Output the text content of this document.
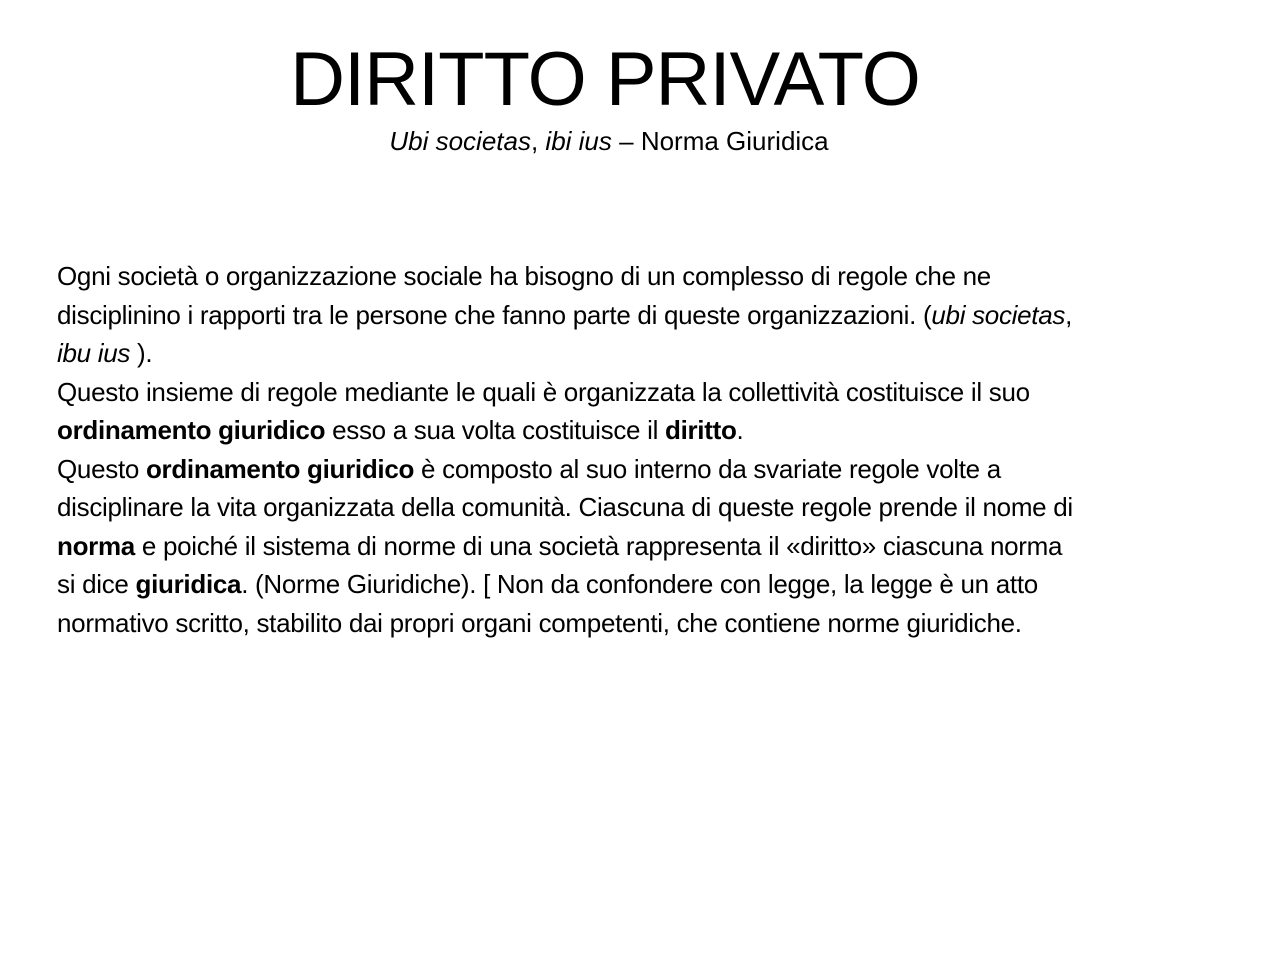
DIRITTO PRIVATO
Ubi societas, ibi ius – Norma Giuridica
Ogni società o organizzazione sociale ha bisogno di un complesso di regole che ne
disciplinino i rapporti tra le persone che fanno parte di queste organizzazioni. (ubi societas,
ibu ius ).
Questo insieme di regole mediante le quali è organizzata la collettività costituisce il suo
ordinamento giuridico esso a sua volta costituisce il diritto.
Questo ordinamento giuridico è composto al suo interno da svariate regole volte a
disciplinare la vita organizzata della comunità. Ciascuna di queste regole prende il nome di
norma e poiché il sistema di norme di una società rappresenta il «diritto» ciascuna norma
si dice giuridica. (Norme Giuridiche). [ Non da confondere con legge, la legge è un atto
normativo scritto, stabilito dai propri organi competenti, che contiene norme giuridiche.
